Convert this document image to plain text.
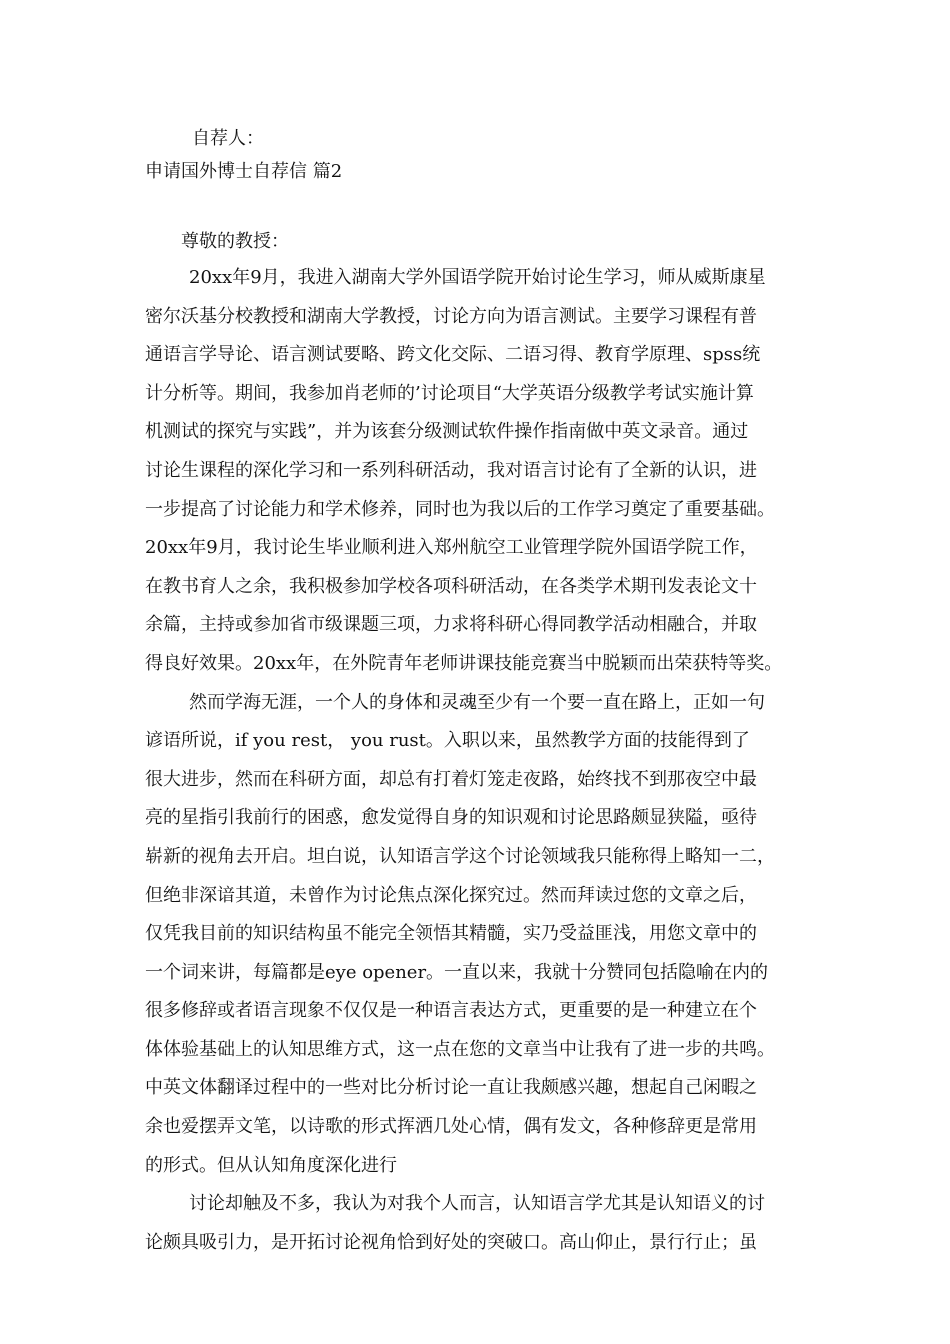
自荐人：
申请国外博士自荐信 篇2
尊敬的教授：
20xx年9月，我进入湖南大学外国语学院开始讨论生学习，师从威斯康星
密尔沃基分校教授和湖南大学教授，讨论方向为语言测试。主要学习课程有普
通语言学导论、语言测试要略、跨文化交际、二语习得、教育学原理、spss统
计分析等。期间，我参加肖老师的’讨论项目“大学英语分级教学考试实施计算
机测试的探究与实践”，并为该套分级测试软件操作指南做中英文录音。通过
讨论生课程的深化学习和一系列科研活动，我对语言讨论有了全新的认识，进
一步提高了讨论能力和学术修养，同时也为我以后的工作学习奠定了重要基础。
20xx年9月，我讨论生毕业顺利进入郑州航空工业管理学院外国语学院工作，
在教书育人之余，我积极参加学校各项科研活动，在各类学术期刊发表论文十
余篇，主持或参加省市级课题三项，力求将科研心得同教学活动相融合，并取
得良好效果。20xx年，在外院青年老师讲课技能竞赛当中脱颖而出荣获特等奖。
然而学海无涯，一个人的身体和灵魂至少有一个要一直在路上，正如一句
谚语所说，if you rest， you rust。入职以来，虽然教学方面的技能得到了
很大进步，然而在科研方面，却总有打着灯笼走夜路，始终找不到那夜空中最
亮的星指引我前行的困惑，愈发觉得自身的知识观和讨论思路颇显狭隘，亟待
崭新的视角去开启。坦白说，认知语言学这个讨论领域我只能称得上略知一二，
但绝非深谙其道，未曾作为讨论焦点深化探究过。然而拜读过您的文章之后，
仅凭我目前的知识结构虽不能完全领悟其精髓，实乃受益匪浅，用您文章中的
一个词来讲，每篇都是eye opener。一直以来，我就十分赞同包括隐喻在内的
很多修辞或者语言现象不仅仅是一种语言表达方式，更重要的是一种建立在个
体体验基础上的认知思维方式，这一点在您的文章当中让我有了进一步的共鸣。
中英文体翻译过程中的一些对比分析讨论一直让我颇感兴趣，想起自己闲暇之
余也爱摆弄文笔，以诗歌的形式挥洒几处心情，偶有发文，各种修辞更是常用
的形式。但从认知角度深化进行
讨论却触及不多，我认为对我个人而言，认知语言学尤其是认知语义的讨
论颇具吸引力，是开拓讨论视角恰到好处的突破口。高山仰止，景行行止；虽
